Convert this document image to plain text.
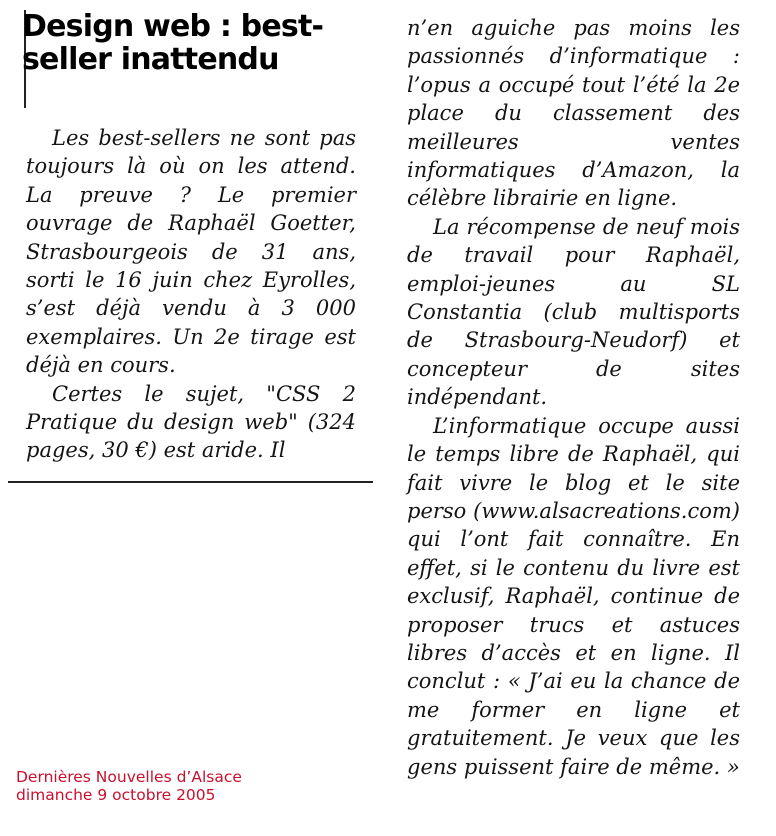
Design web : best-seller inattendu

Les best-sellers ne sont pas toujours là où on les attend. La preuve ? Le premier ouvrage de Raphaël Goetter, Strasbourgeois de 31 ans, sorti le 16 juin chez Eyrolles, s’est déjà vendu à 3 000 exemplaires. Un 2e tirage est déjà en cours.

Certes le sujet, "CSS 2 Pratique du design web" (324 pages, 30 €) est aride. Il

n’en aguiche pas moins les passionnés d’informatique : l’opus a occupé tout l’été la 2e place du classement des meilleures ventes informatiques d’Amazon, la célèbre librairie en ligne.

La récompense de neuf mois de travail pour Raphaël, emploi-jeunes au SL Constantia (club multisports de Strasbourg-Neudorf) et concepteur de sites indépendant.

L’informatique occupe aussi le temps libre de Raphaël, qui fait vivre le blog et le site perso (www.alsacreations.com) qui l’ont fait connaître. En effet, si le contenu du livre est exclusif, Raphaël, continue de proposer trucs et astuces libres d’accès et en ligne. Il conclut : « J’ai eu la chance de me former en ligne et gratuitement. Je veux que les gens puissent faire de même. »

Dernières Nouvelles d’Alsace
dimanche 9 octobre 2005
